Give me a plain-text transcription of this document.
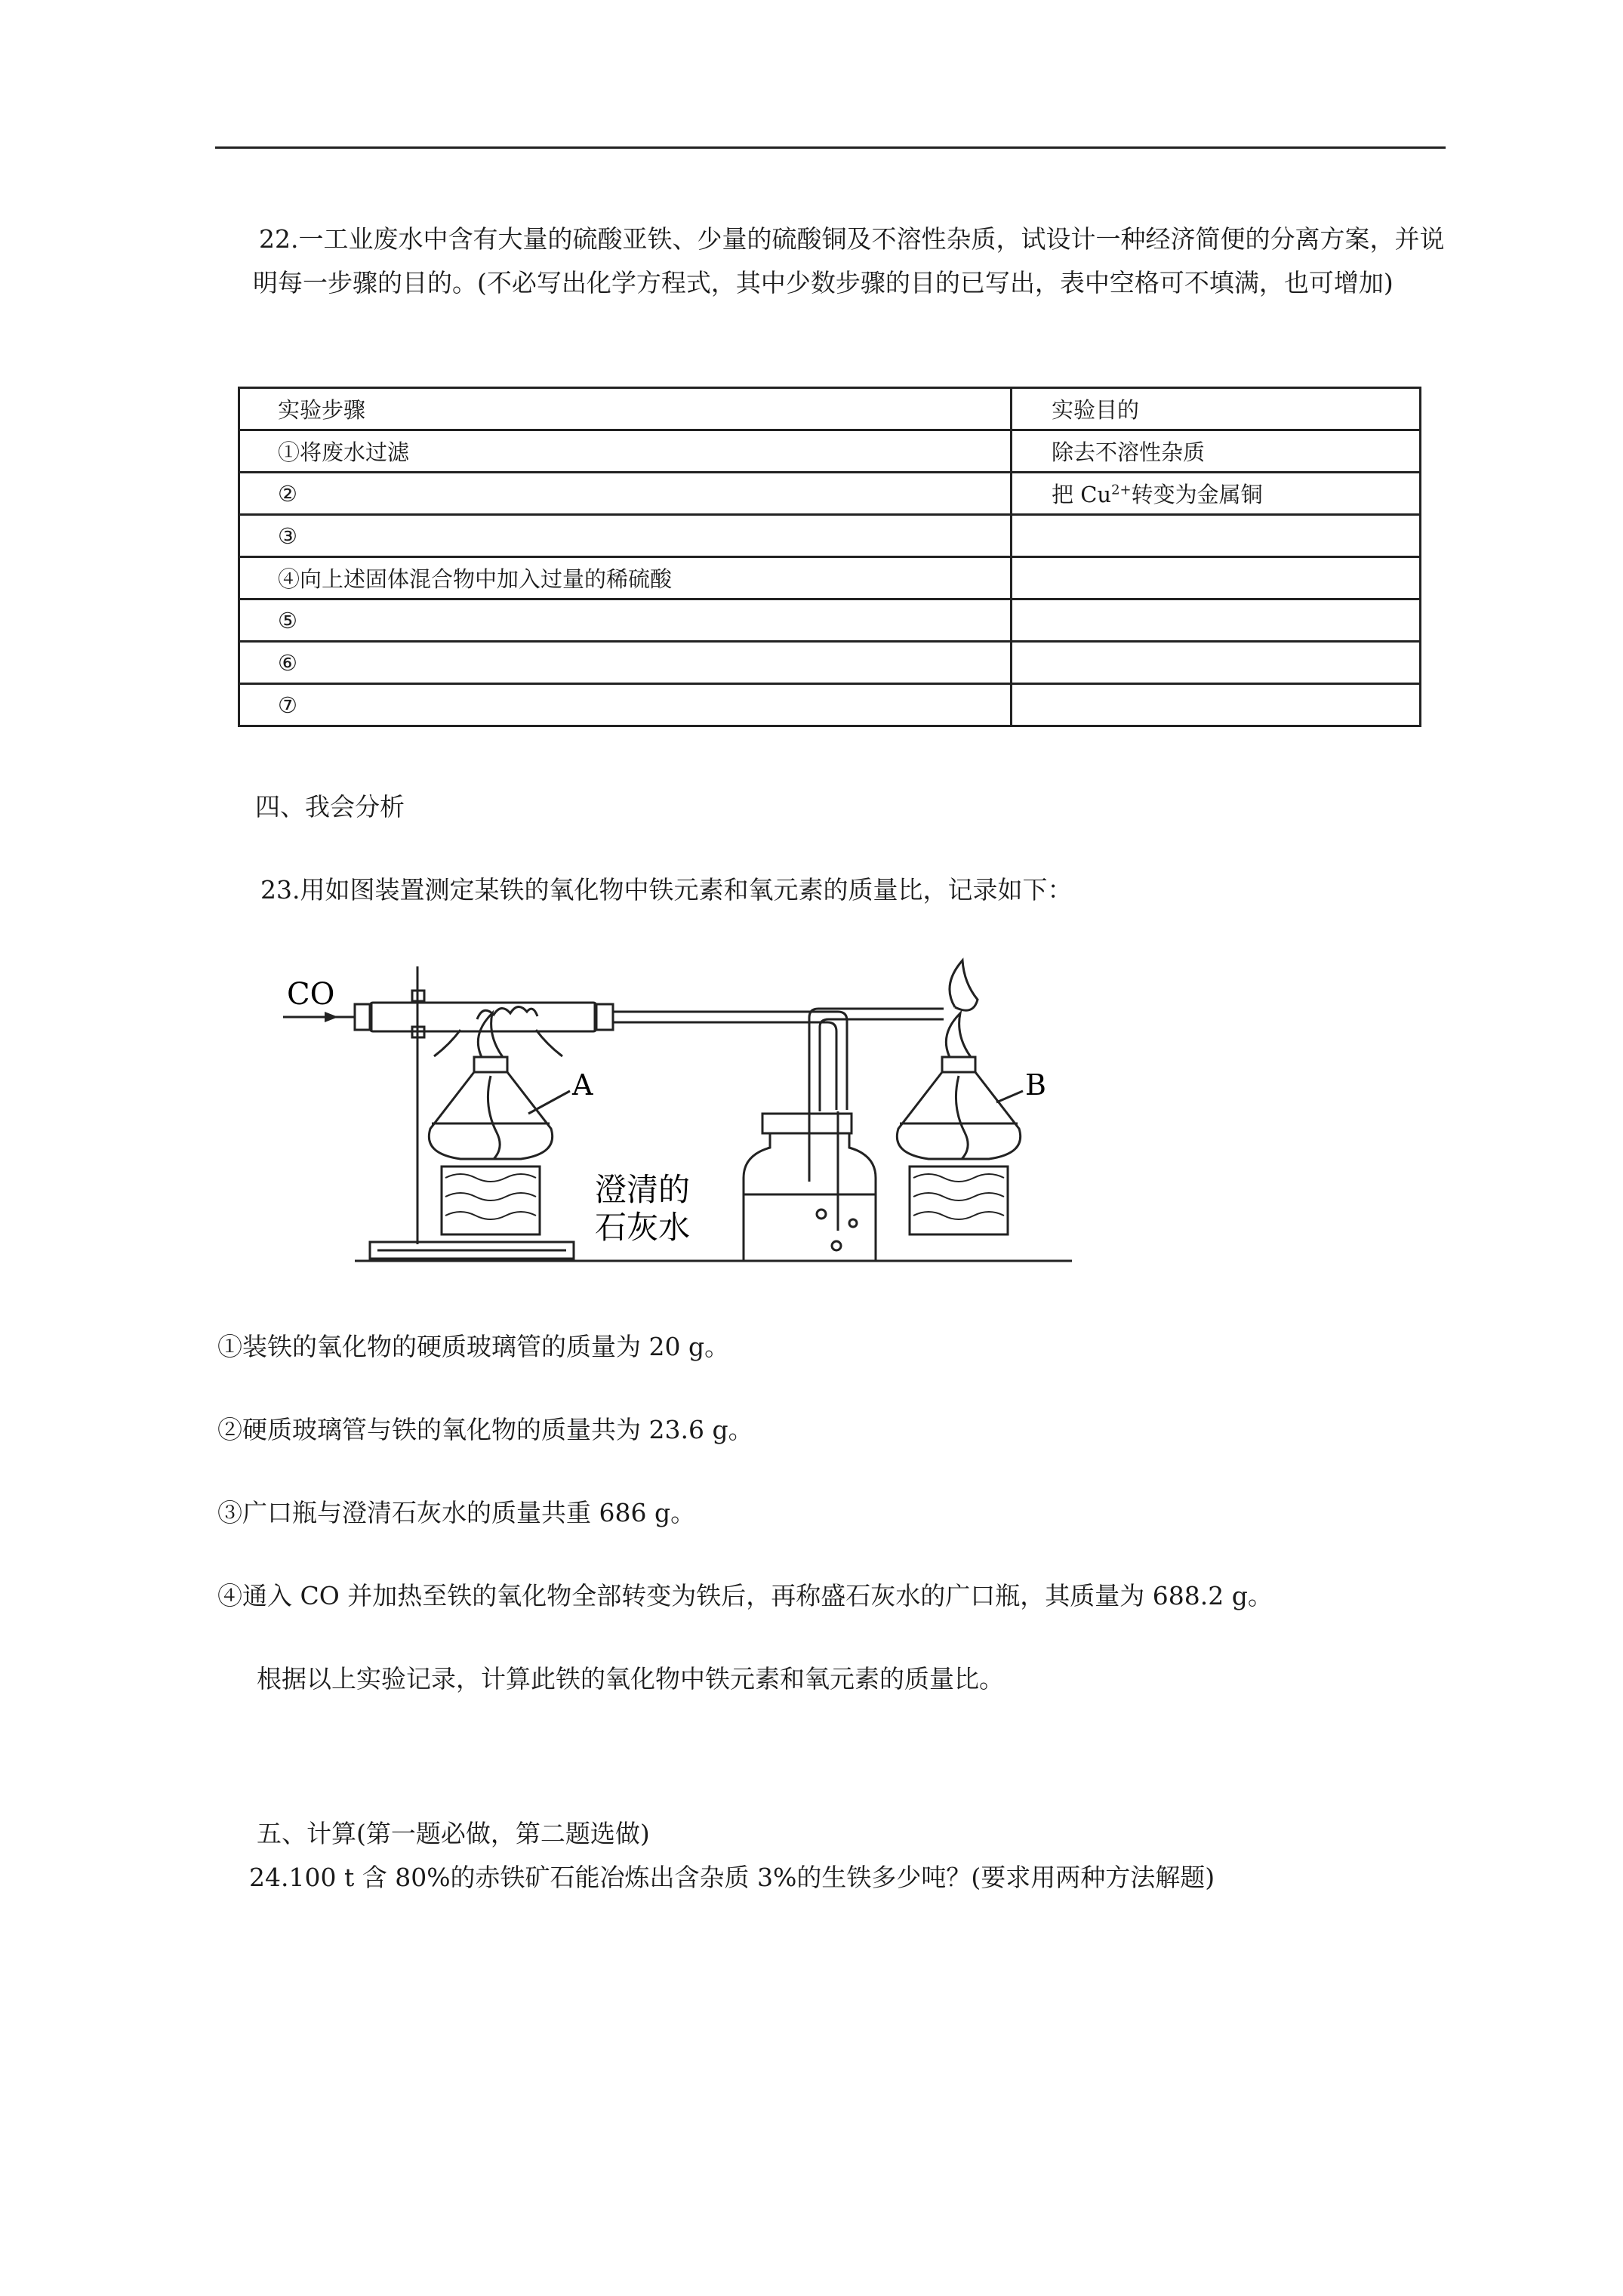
22.一工业废水中含有大量的硫酸亚铁、少量的硫酸铜及不溶性杂质，试设计一种经济简便的分离方案，并说明每一步骤的目的。(不必写出化学方程式，其中少数步骤的目的已写出，表中空格可不填满，也可增加)

实验步骤	实验目的
①将废水过滤	除去不溶性杂质
②	把 $Cu^{2+}$转变为金属铜
③	
④向上述固体混合物中加入过量的稀硫酸	
⑤	
⑥	
⑦	

四、我会分析

23.用如图装置测定某铁的氧化物中铁元素和氧元素的质量比，记录如下：

CO
A	B
澄清的
石灰水

①装铁的氧化物的硬质玻璃管的质量为 20 g。

②硬质玻璃管与铁的氧化物的质量共为 23.6 g。

③广口瓶与澄清石灰水的质量共重 686 g。

④通入 CO 并加热至铁的氧化物全部转变为铁后，再称盛石灰水的广口瓶，其质量为 688.2 g。

根据以上实验记录，计算此铁的氧化物中铁元素和氧元素的质量比。

五、计算(第一题必做，第二题选做)

24.100 t 含 80%的赤铁矿石能冶炼出含杂质 3%的生铁多少吨？(要求用两种方法解题)
